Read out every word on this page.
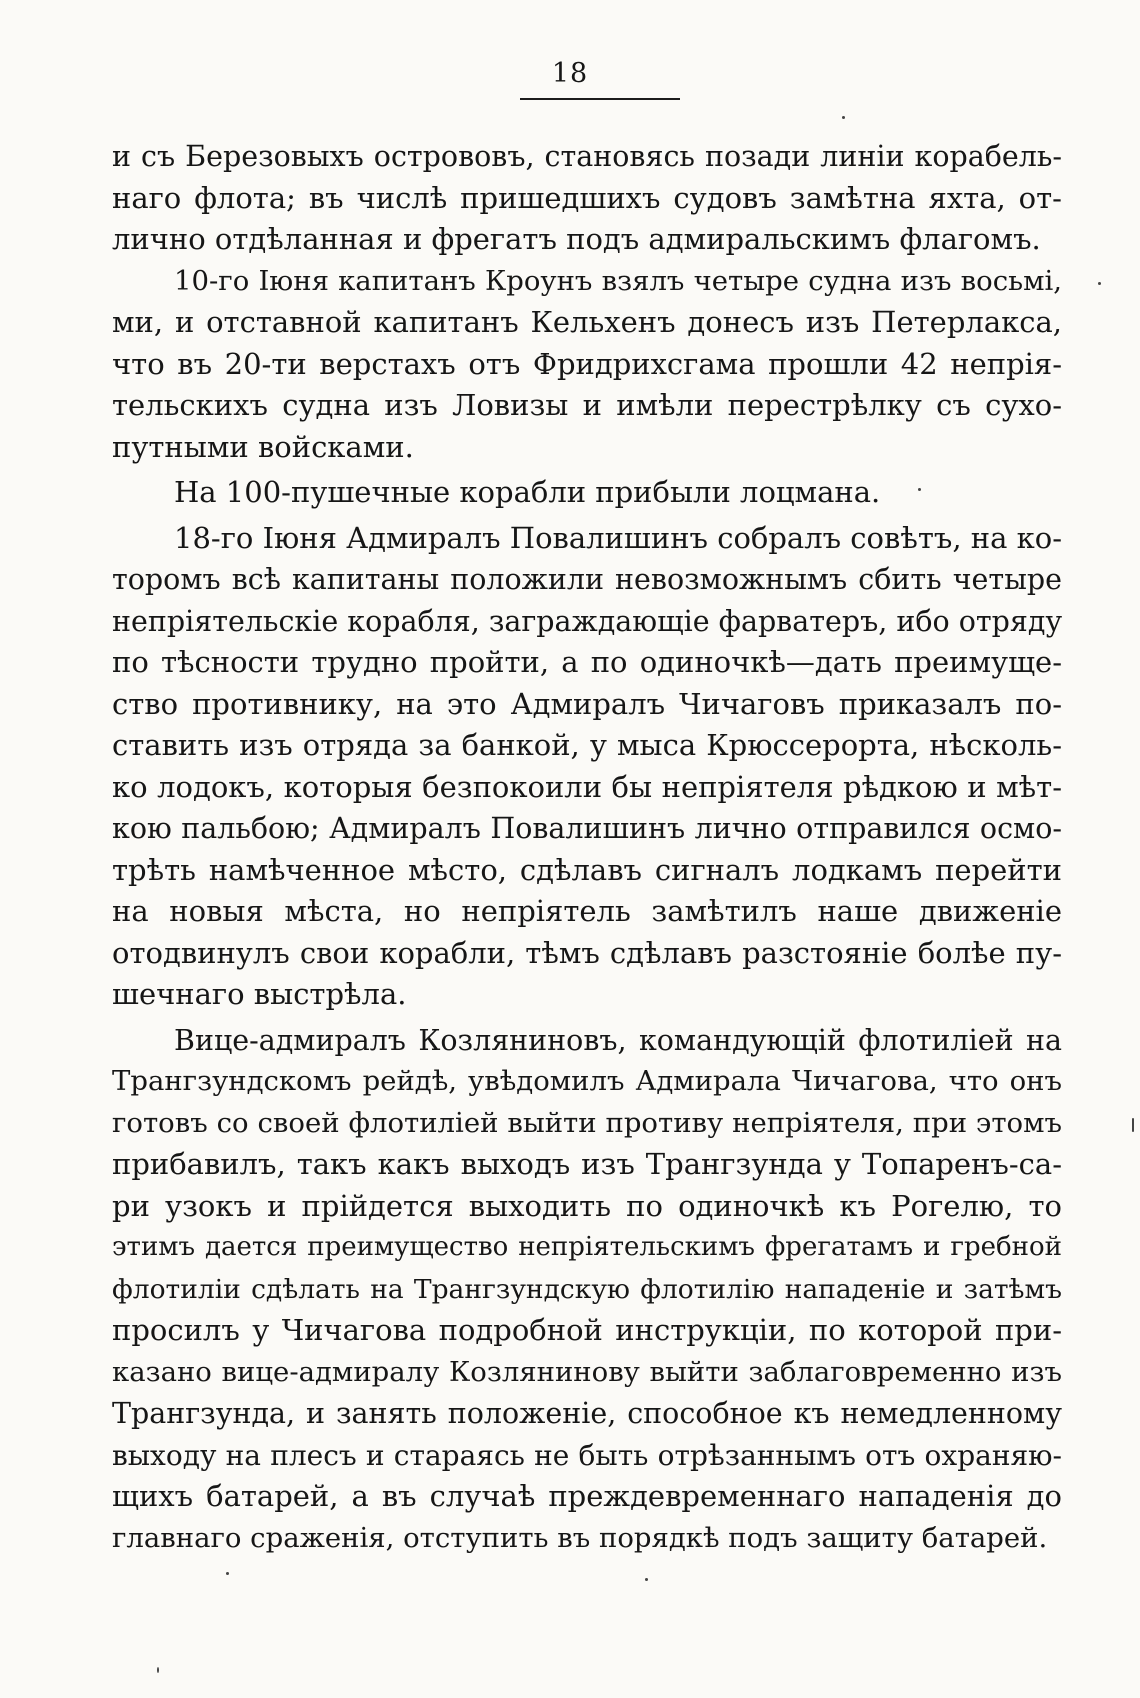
18
и съ Березовыхъ острововъ, становясь позади линіи корабель-
наго флота; въ числѣ пришедшихъ судовъ замѣтна яхта, от-
лично отдѣланная и фрегатъ подъ адмиральскимъ флагомъ.
10-го Іюня капитанъ Кроунъ взялъ четыре судна изъ восьмі,
ми, и отставной капитанъ Кельхенъ донесъ изъ Петерлакса,
что въ 20-ти верстахъ отъ Фридрихсгама прошли 42 непрія-
тельскихъ судна изъ Ловизы и имѣли перестрѣлку съ сухо-
путными войсками.
На 100-пушечные корабли прибыли лоцмана.
18-го Іюня Адмиралъ Повалишинъ собралъ совѣтъ, на ко-
торомъ всѣ капитаны положили невозможнымъ сбить четыре
непріятельскіе корабля, заграждающіе фарватеръ, ибо отряду
по тѣсности трудно пройти, а по одиночкѣ—дать преимуще-
ство противнику, на это Адмиралъ Чичаговъ приказалъ по-
ставить изъ отряда за банкой, у мыса Крюссерорта, нѣсколь-
ко лодокъ, которыя безпокоили бы непріятеля рѣдкою и мѣт-
кою пальбою; Адмиралъ Повалишинъ лично отправился осмо-
трѣть намѣченное мѣсто, сдѣлавъ сигналъ лодкамъ перейти
на новыя мѣста, но непріятель замѣтилъ наше движеніе
отодвинулъ свои корабли, тѣмъ сдѣлавъ разстояніе болѣе пу-
шечнаго выстрѣла.
Вице-адмиралъ Козляниновъ, командующій флотиліей на
Трангзундскомъ рейдѣ, увѣдомилъ Адмирала Чичагова, что онъ
готовъ со своей флотиліей выйти противу непріятеля, при этомъ
прибавилъ, такъ какъ выходъ изъ Трангзунда у Топаренъ-са-
ри узокъ и прійдется выходить по одиночкѣ къ Рогелю, то
этимъ дается преимущество непріятельскимъ фрегатамъ и гребной
флотиліи сдѣлать на Трангзундскую флотилію нападеніе и затѣмъ
просилъ у Чичагова подробной инструкціи, по которой при-
казано вице-адмиралу Козлянинову выйти заблаговременно изъ
Трангзунда, и занять положеніе, способное къ немедленному
выходу на плесъ и стараясь не быть отрѣзаннымъ отъ охраняю-
щихъ батарей, а въ случаѣ преждевременнаго нападенія до
главнаго сраженія, отступить въ порядкѣ подъ защиту батарей.
